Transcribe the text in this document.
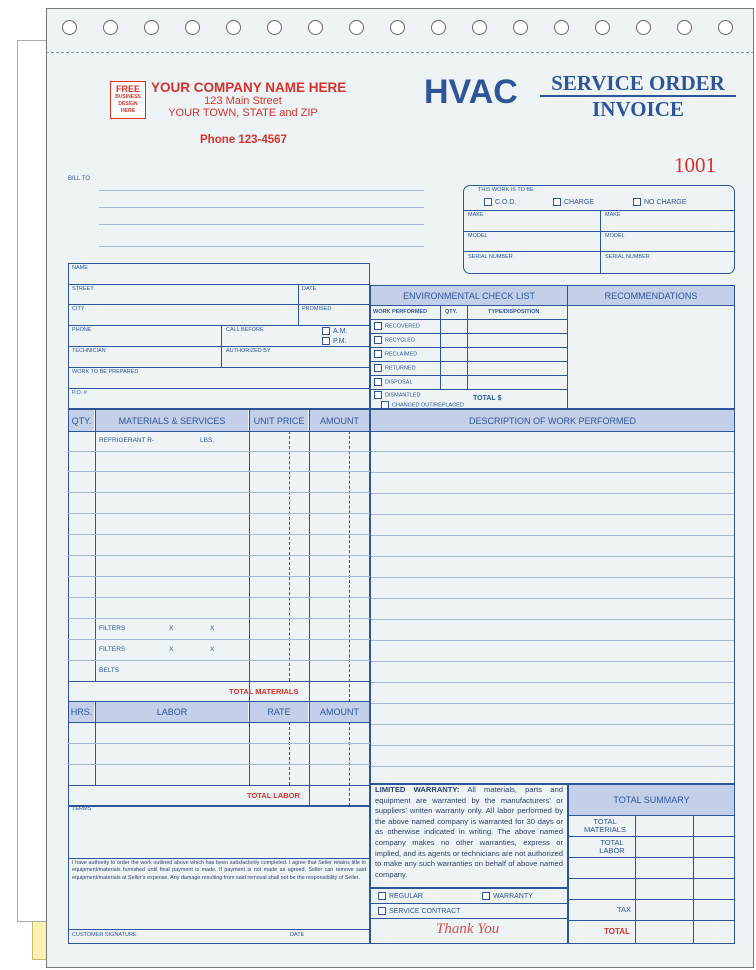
FREE
BUSINESS
DESIGN
HERE
YOUR COMPANY NAME HERE
123 Main Street
YOUR TOWN, STATE and ZIP
Phone 123-4567
HVAC	SERVICE ORDER
INVOICE
1001
BILL TO
THIS WORK IS TO BE
C.O.D.	CHARGE	NO CHARGE
MAKE	MAKE
MODEL	MODEL
SERIAL NUMBER	SERIAL NUMBER
NAME
STREET	DATE
CITY	PROMISED
PHONE	CALL BEFORE	A.M.
P.M.
TECHNICIAN	AUTHORIZED BY
WORK TO BE PREPARED
P.O. #
ENVIRONMENTAL CHECK LIST	RECOMMENDATIONS
WORK PERFORMED	QTY.	TYPE/DISPOSITION
RECOVERED
RECYCLED
RECLAIMED
RETURNED
DISPOSAL
DISMANTLED
CHANGED OUT/REPLACED
TOTAL $
QTY.	MATERIALS & SERVICES	UNIT PRICE	AMOUNT
REFRIGERANT R-	LBS.
FILTERS	X	X
FILTERS	X	X
BELTS
TOTAL MATERIALS
HRS.	LABOR	RATE	AMOUNT
TOTAL LABOR
TERMS
I have authority to order the work outlined above which has been satisfactorily completed. I agree that Seller retains title to equipment/materials furnished until final payment is made. If payment is not made as agreed, Seller can remove said equipment/materials at Seller's expense. Any damage resulting from said removal shall not be the responsibility of Seller.
CUSTOMER SIGNATURE	DATE
DESCRIPTION OF WORK PERFORMED
LIMITED WARRANTY: All materials, parts and equipment are warranted by the manufacturers' or suppliers' written warranty only. All labor performed by the above named company is warranted for 30 days or as otherwise indicated in writing. The above named company makes no other warranties, express or implied, and its agents or technicians are not authorized to make any such warranties on behalf of above named company.
REGULAR	WARRANTY
SERVICE CONTRACT
Thank You
TOTAL SUMMARY
TOTAL MATERIALS
TOTAL LABOR
TAX
TOTAL
